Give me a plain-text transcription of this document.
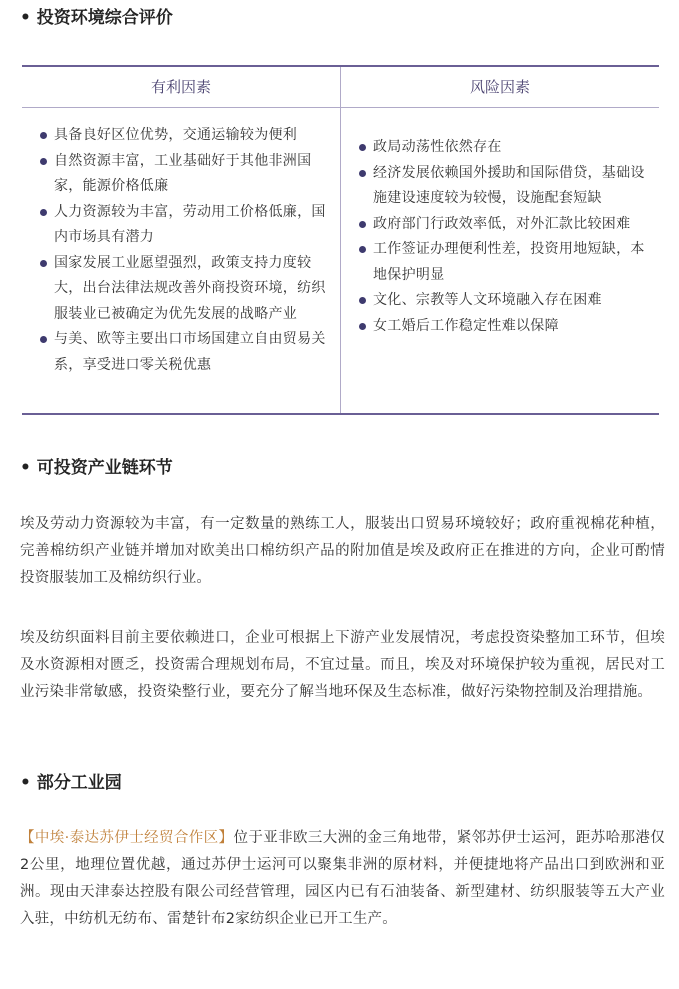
• 投资环境综合评价
有利因素	风险因素
具备良好区位优势，交通运输较为便利
自然资源丰富，工业基础好于其他非洲国家，能源价格低廉
人力资源较为丰富，劳动用工价格低廉，国内市场具有潜力
国家发展工业愿望强烈，政策支持力度较大，出台法律法规改善外商投资环境，纺织服装业已被确定为优先发展的战略产业
与美、欧等主要出口市场国建立自由贸易关系，享受进口零关税优惠
政局动荡性依然存在
经济发展依赖国外援助和国际借贷，基础设施建设速度较为较慢，设施配套短缺
政府部门行政效率低，对外汇款比较困难
工作签证办理便利性差，投资用地短缺，本地保护明显
文化、宗教等人文环境融入存在困难
女工婚后工作稳定性难以保障
• 可投资产业链环节

埃及劳动力资源较为丰富，有一定数量的熟练工人，服装出口贸易环境较好；政府重视棉花种植，完善棉纺织产业链并增加对欧美出口棉纺织产品的附加值是埃及政府正在推进的方向，企业可酌情投资服装加工及棉纺织行业。

埃及纺织面料目前主要依赖进口，企业可根据上下游产业发展情况，考虑投资染整加工环节，但埃及水资源相对匮乏，投资需合理规划布局，不宜过量。而且，埃及对环境保护较为重视，居民对工业污染非常敏感，投资染整行业，要充分了解当地环保及生态标准，做好污染物控制及治理措施。

• 部分工业园

【中埃·泰达苏伊士经贸合作区】位于亚非欧三大洲的金三角地带，紧邻苏伊士运河，距苏哈那港仅2公里，地理位置优越，通过苏伊士运河可以聚集非洲的原材料，并便捷地将产品出口到欧洲和亚洲。现由天津泰达控股有限公司经营管理，园区内已有石油装备、新型建材、纺织服装等五大产业入驻，中纺机无纺布、雷楚针布2家纺织企业已开工生产。
